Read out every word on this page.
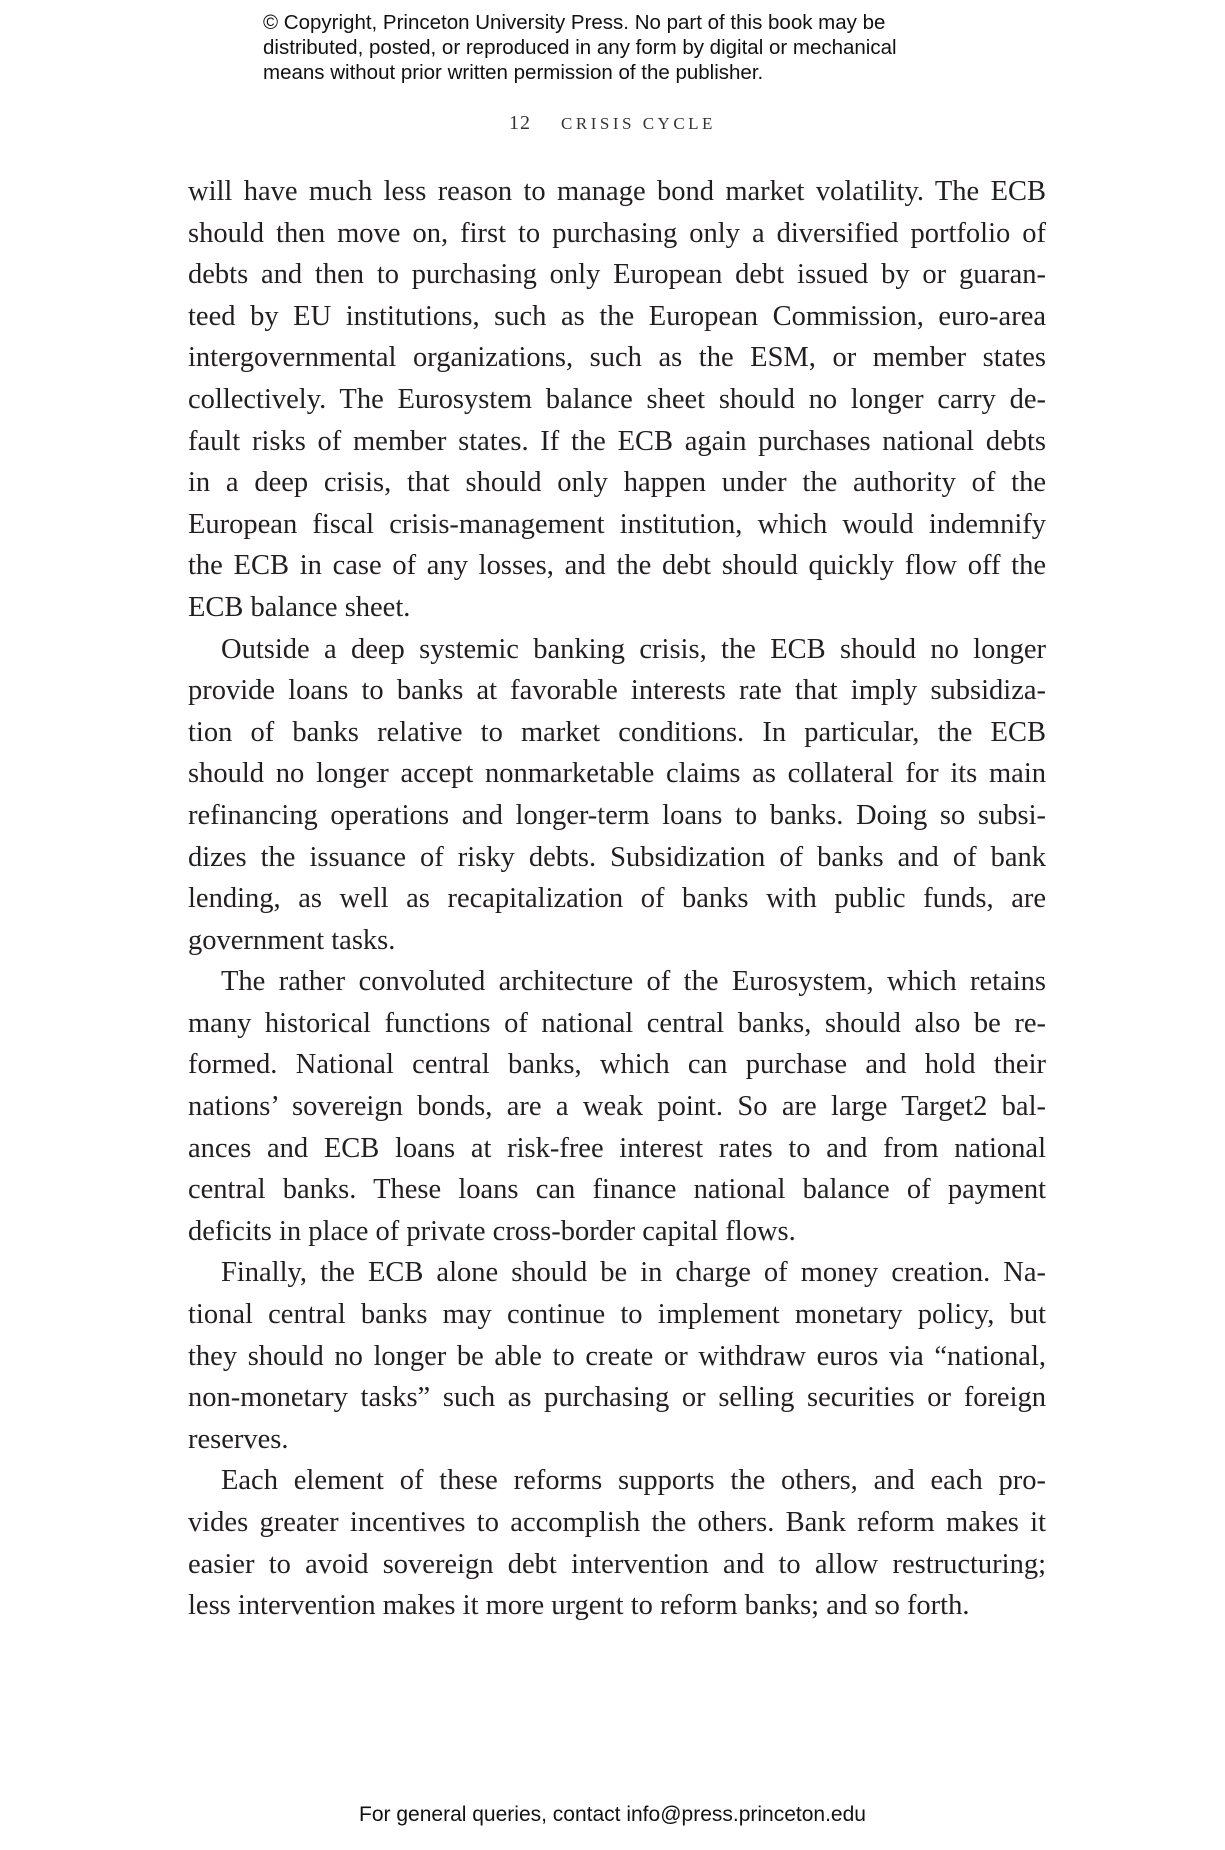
© Copyright, Princeton University Press. No part of this book may be
distributed, posted, or reproduced in any form by digital or mechanical
means without prior written permission of the publisher.
12 CRISIS CYCLE
will have much less reason to manage bond market volatility. The ECB
should then move on, first to purchasing only a diversified portfolio of
debts and then to purchasing only European debt issued by or guaran-
teed by EU institutions, such as the European Commission, euro-area
intergovernmental organizations, such as the ESM, or member states
collectively. The Eurosystem balance sheet should no longer carry de-
fault risks of member states. If the ECB again purchases national debts
in a deep crisis, that should only happen under the authority of the
European fiscal crisis-management institution, which would indemnify
the ECB in case of any losses, and the debt should quickly flow off the
ECB balance sheet.
Outside a deep systemic banking crisis, the ECB should no longer
provide loans to banks at favorable interests rate that imply subsidiza-
tion of banks relative to market conditions. In particular, the ECB
should no longer accept nonmarketable claims as collateral for its main
refinancing operations and longer-term loans to banks. Doing so subsi-
dizes the issuance of risky debts. Subsidization of banks and of bank
lending, as well as recapitalization of banks with public funds, are
government tasks.
The rather convoluted architecture of the Eurosystem, which retains
many historical functions of national central banks, should also be re-
formed. National central banks, which can purchase and hold their
nations’ sovereign bonds, are a weak point. So are large Target2 bal-
ances and ECB loans at risk-free interest rates to and from national
central banks. These loans can finance national balance of payment
deficits in place of private cross-border capital flows.
Finally, the ECB alone should be in charge of money creation. Na-
tional central banks may continue to implement monetary policy, but
they should no longer be able to create or withdraw euros via “national,
non-monetary tasks” such as purchasing or selling securities or foreign
reserves.
Each element of these reforms supports the others, and each pro-
vides greater incentives to accomplish the others. Bank reform makes it
easier to avoid sovereign debt intervention and to allow restructuring;
less intervention makes it more urgent to reform banks; and so forth.
For general queries, contact info@press.princeton.edu
